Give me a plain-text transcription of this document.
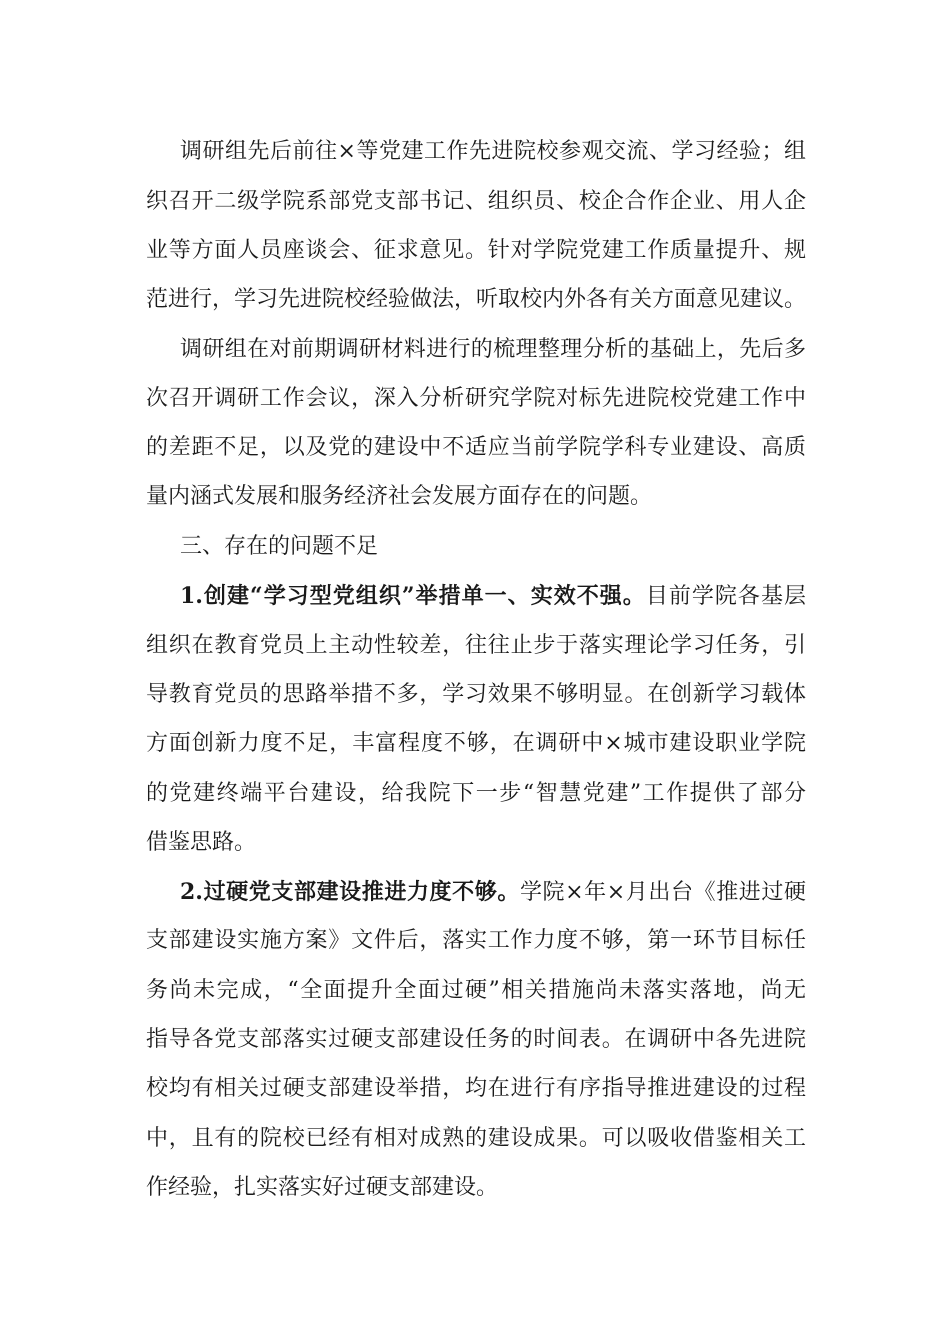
调研组先后前往×等党建工作先进院校参观交流、学习经验；组
织召开二级学院系部党支部书记、组织员、校企合作企业、用人企
业等方面人员座谈会、征求意见。针对学院党建工作质量提升、规
范进行，学习先进院校经验做法，听取校内外各有关方面意见建议。
调研组在对前期调研材料进行的梳理整理分析的基础上，先后多
次召开调研工作会议，深入分析研究学院对标先进院校党建工作中
的差距不足，以及党的建设中不适应当前学院学科专业建设、高质
量内涵式发展和服务经济社会发展方面存在的问题。
三、存在的问题不足
1.创建“学习型党组织”举措单一、实效不强。目前学院各基层
组织在教育党员上主动性较差，往往止步于落实理论学习任务，引
导教育党员的思路举措不多，学习效果不够明显。在创新学习载体
方面创新力度不足，丰富程度不够，在调研中×城市建设职业学院
的党建终端平台建设，给我院下一步“智慧党建”工作提供了部分
借鉴思路。
2.过硬党支部建设推进力度不够。学院×年×月出台《推进过硬
支部建设实施方案》文件后，落实工作力度不够，第一环节目标任
务尚未完成，“全面提升全面过硬”相关措施尚未落实落地，尚无
指导各党支部落实过硬支部建设任务的时间表。在调研中各先进院
校均有相关过硬支部建设举措，均在进行有序指导推进建设的过程
中，且有的院校已经有相对成熟的建设成果。可以吸收借鉴相关工
作经验，扎实落实好过硬支部建设。
